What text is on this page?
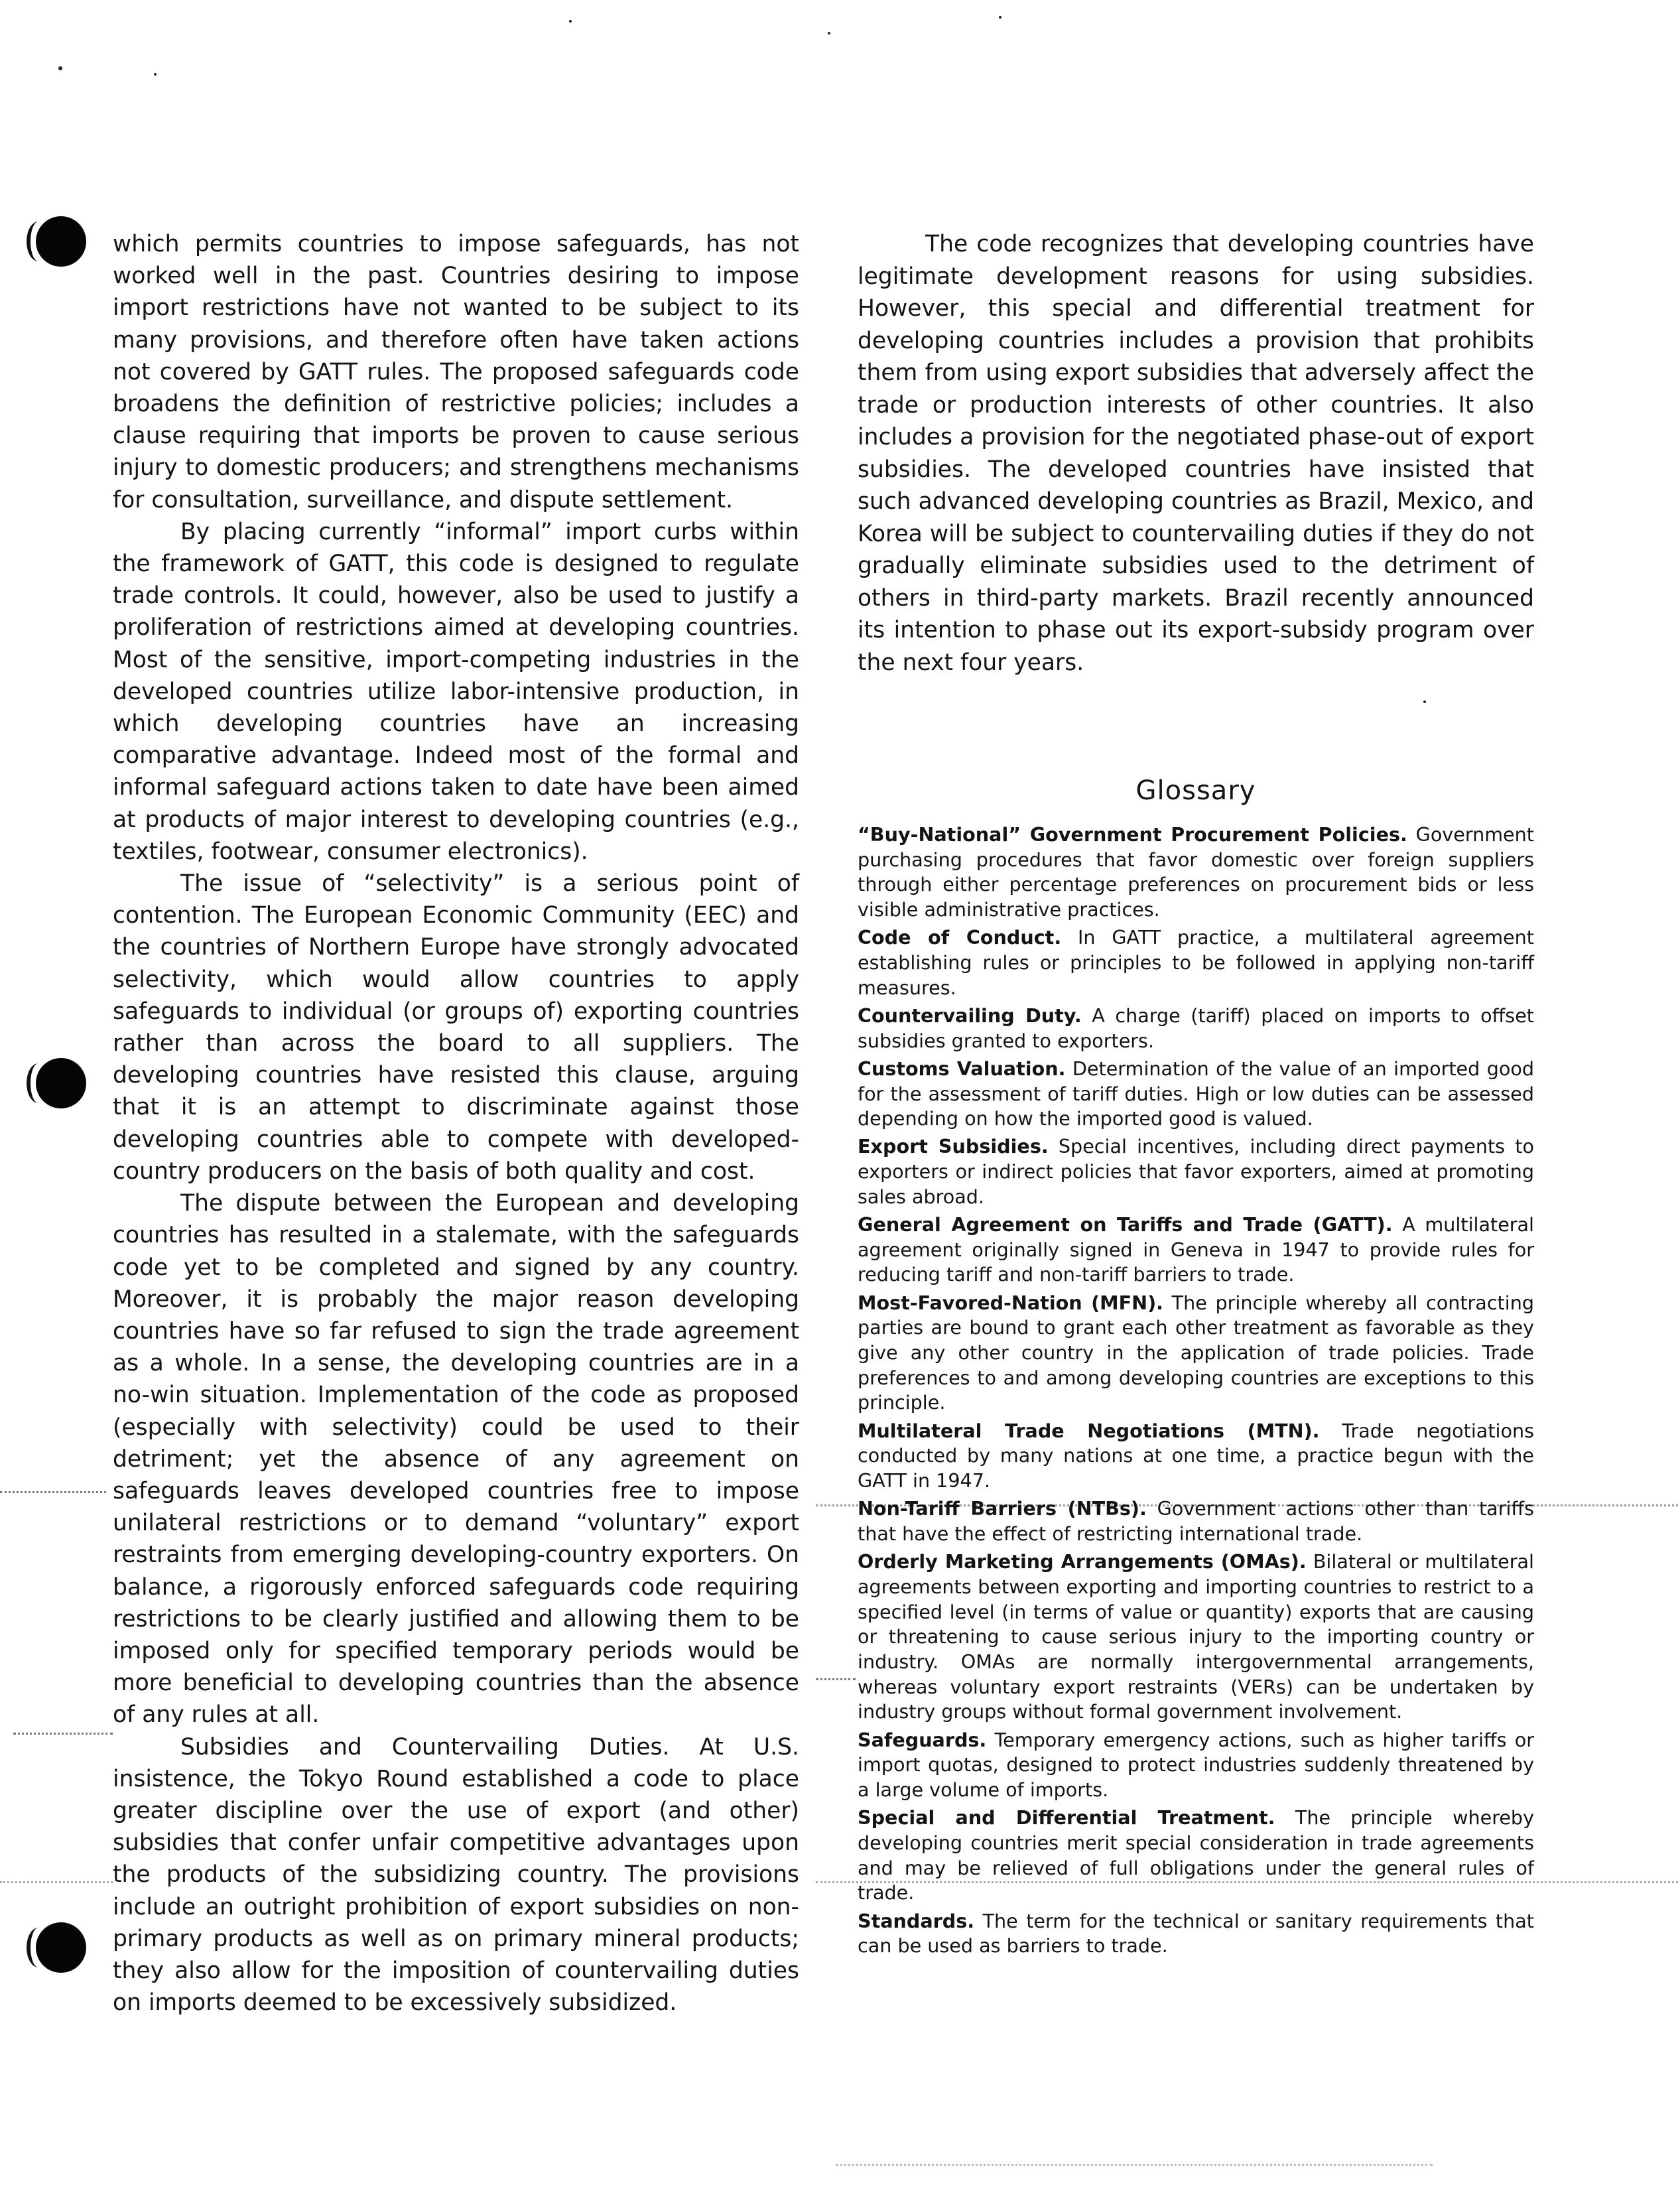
which permits countries to impose safeguards, has not worked well in the past. Countries desiring to impose import restrictions have not wanted to be subject to its many provisions, and therefore often have taken actions not covered by GATT rules. The proposed safeguards code broadens the definition of restrictive policies; includes a clause requiring that imports be proven to cause serious injury to domestic producers; and strengthens mechanisms for consultation, surveillance, and dispute settlement.

By placing currently “informal” import curbs within the framework of GATT, this code is designed to regulate trade controls. It could, however, also be used to justify a proliferation of restrictions aimed at developing countries. Most of the sensitive, import-competing industries in the developed countries utilize labor-intensive production, in which developing countries have an increasing comparative advantage. Indeed most of the formal and informal safeguard actions taken to date have been aimed at products of major interest to developing countries (e.g., textiles, footwear, consumer electronics).

The issue of “selectivity” is a serious point of contention. The European Economic Community (EEC) and the countries of Northern Europe have strongly advocated selectivity, which would allow countries to apply safeguards to individual (or groups of) exporting countries rather than across the board to all suppliers. The developing countries have resisted this clause, arguing that it is an attempt to discriminate against those developing countries able to compete with developed-country producers on the basis of both quality and cost.

The dispute between the European and developing countries has resulted in a stalemate, with the safeguards code yet to be completed and signed by any country. Moreover, it is probably the major reason developing countries have so far refused to sign the trade agreement as a whole. In a sense, the developing countries are in a no-win situation. Implementation of the code as proposed (especially with selectivity) could be used to their detriment; yet the absence of any agreement on safeguards leaves developed countries free to impose unilateral restrictions or to demand “voluntary” export restraints from emerging developing-country exporters. On balance, a rigorously enforced safeguards code requiring restrictions to be clearly justified and allowing them to be imposed only for specified temporary periods would be more beneficial to developing countries than the absence of any rules at all.

Subsidies and Countervailing Duties. At U.S. insistence, the Tokyo Round established a code to place greater discipline over the use of export (and other) subsidies that confer unfair competitive advantages upon the products of the subsidizing country. The provisions include an outright prohibition of export subsidies on non-primary products as well as on primary mineral products; they also allow for the imposition of countervailing duties on imports deemed to be excessively subsidized.

The code recognizes that developing countries have legitimate development reasons for using subsidies. However, this special and differential treatment for developing countries includes a provision that prohibits them from using export subsidies that adversely affect the trade or production interests of other countries. It also includes a provision for the negotiated phase-out of export subsidies. The developed countries have insisted that such advanced developing countries as Brazil, Mexico, and Korea will be subject to countervailing duties if they do not gradually eliminate subsidies used to the detriment of others in third-party markets. Brazil recently announced its intention to phase out its export-subsidy program over the next four years.

Glossary

“Buy-National” Government Procurement Policies. Government purchasing procedures that favor domestic over foreign suppliers through either percentage preferences on procurement bids or less visible administrative practices.

Code of Conduct. In GATT practice, a multilateral agreement establishing rules or principles to be followed in applying non-tariff measures.

Countervailing Duty. A charge (tariff) placed on imports to offset subsidies granted to exporters.

Customs Valuation. Determination of the value of an imported good for the assessment of tariff duties. High or low duties can be assessed depending on how the imported good is valued.

Export Subsidies. Special incentives, including direct payments to exporters or indirect policies that favor exporters, aimed at promoting sales abroad.

General Agreement on Tariffs and Trade (GATT). A multilateral agreement originally signed in Geneva in 1947 to provide rules for reducing tariff and non-tariff barriers to trade.

Most-Favored-Nation (MFN). The principle whereby all contracting parties are bound to grant each other treatment as favorable as they give any other country in the application of trade policies. Trade preferences to and among developing countries are exceptions to this principle.

Multilateral Trade Negotiations (MTN). Trade negotiations conducted by many nations at one time, a practice begun with the GATT in 1947.

Non-Tariff Barriers (NTBs). Government actions other than tariffs that have the effect of restricting international trade.

Orderly Marketing Arrangements (OMAs). Bilateral or multilateral agreements between exporting and importing countries to restrict to a specified level (in terms of value or quantity) exports that are causing or threatening to cause serious injury to the importing country or industry. OMAs are normally intergovernmental arrangements, whereas voluntary export restraints (VERs) can be undertaken by industry groups without formal government involvement.

Safeguards. Temporary emergency actions, such as higher tariffs or import quotas, designed to protect industries suddenly threatened by a large volume of imports.

Special and Differential Treatment. The principle whereby developing countries merit special consideration in trade agreements and may be relieved of full obligations under the general rules of trade.

Standards. The term for the technical or sanitary requirements that can be used as barriers to trade.
